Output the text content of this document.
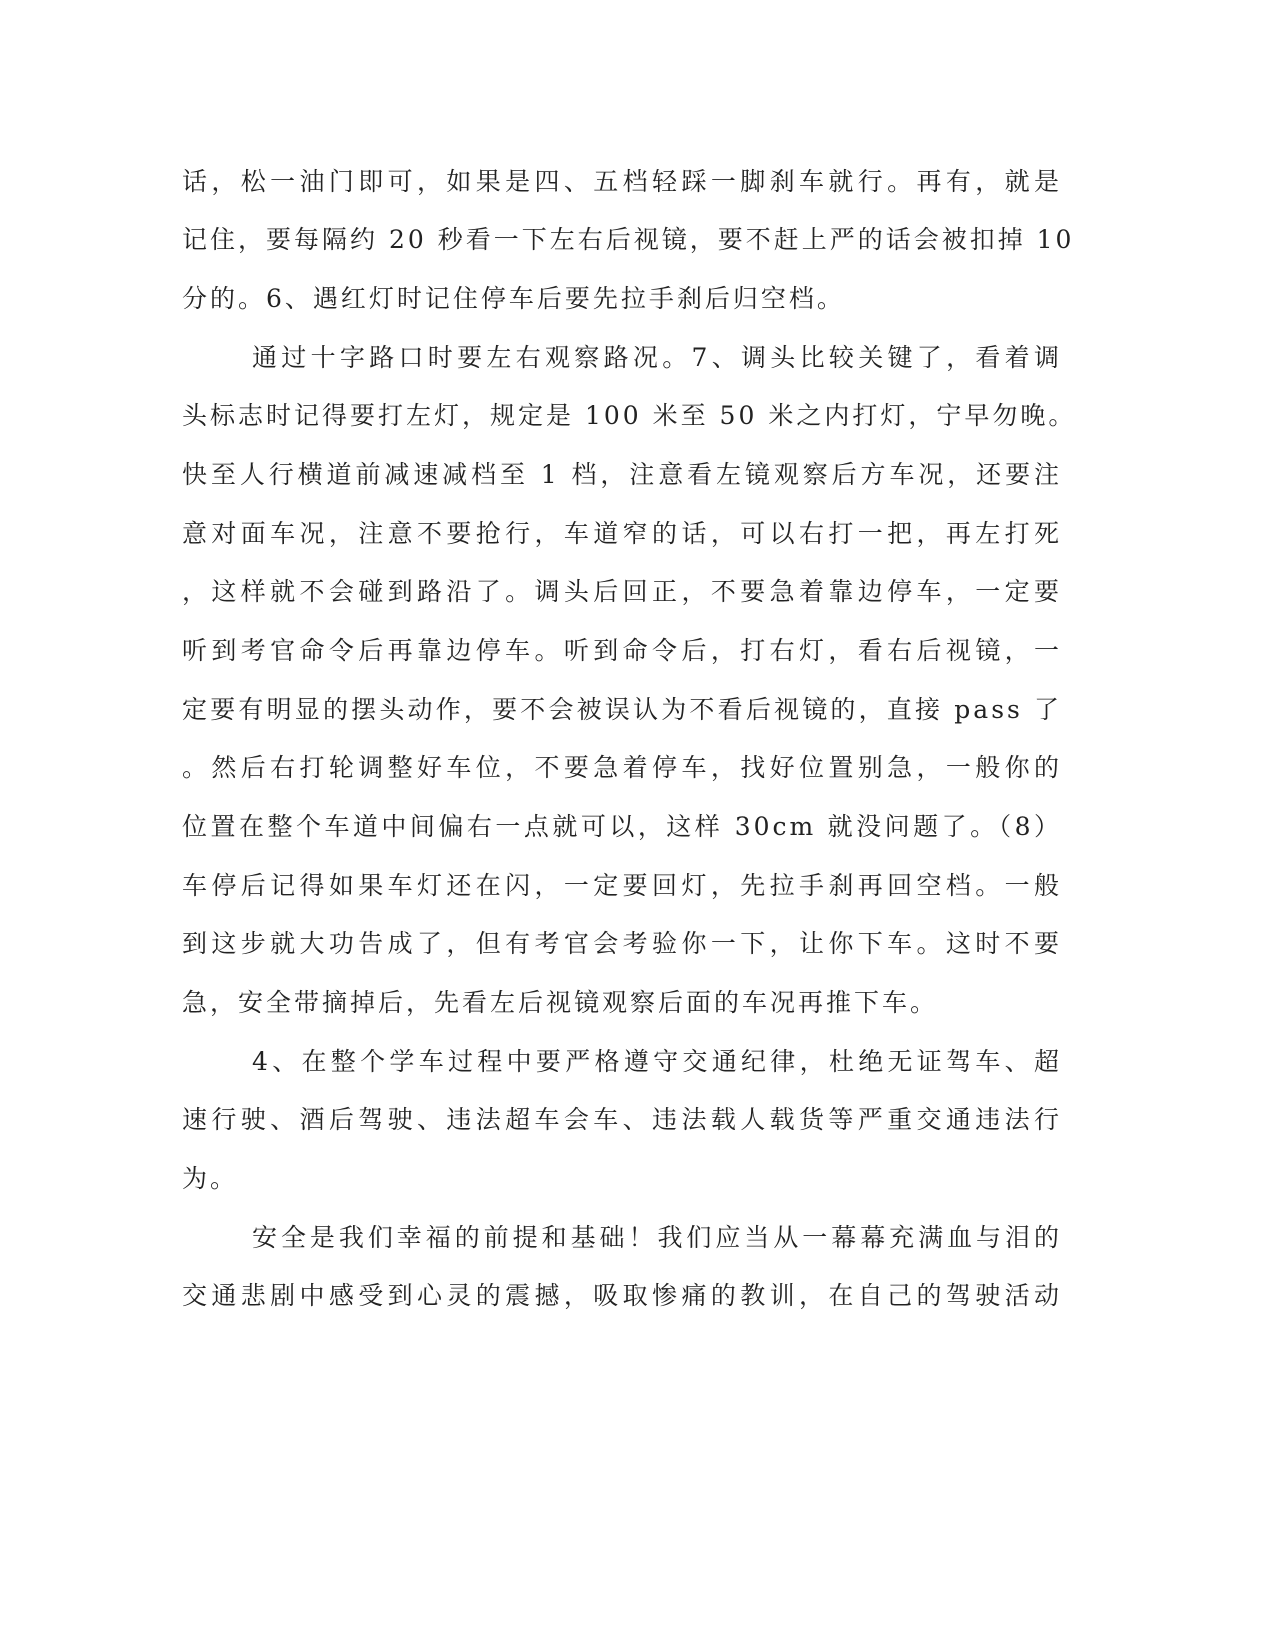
话，松一油门即可，如果是四、五档轻踩一脚刹车就行。再有，就是

记住，要每隔约 20 秒看一下左右后视镜，要不赶上严的话会被扣掉 10

分的。6、遇红灯时记住停车后要先拉手刹后归空档。

通过十字路口时要左右观察路况。7、调头比较关键了，看着调

头标志时记得要打左灯，规定是 100 米至 50 米之内打灯，宁早勿晚。

快至人行横道前减速减档至 1 档，注意看左镜观察后方车况，还要注

意对面车况，注意不要抢行，车道窄的话，可以右打一把，再左打死

，这样就不会碰到路沿了。调头后回正，不要急着靠边停车，一定要

听到考官命令后再靠边停车。听到命令后，打右灯，看右后视镜，一

定要有明显的摆头动作，要不会被误认为不看后视镜的，直接 pass 了

。然后右打轮调整好车位，不要急着停车，找好位置别急，一般你的

位置在整个车道中间偏右一点就可以，这样 30cm 就没问题了。（8）

车停后记得如果车灯还在闪，一定要回灯，先拉手刹再回空档。一般

到这步就大功告成了，但有考官会考验你一下，让你下车。这时不要

急，安全带摘掉后，先看左后视镜观察后面的车况再推下车。

4、在整个学车过程中要严格遵守交通纪律，杜绝无证驾车、超

速行驶、酒后驾驶、违法超车会车、违法载人载货等严重交通违法行

为。

安全是我们幸福的前提和基础！我们应当从一幕幕充满血与泪的

交通悲剧中感受到心灵的震撼，吸取惨痛的教训，在自己的驾驶活动
